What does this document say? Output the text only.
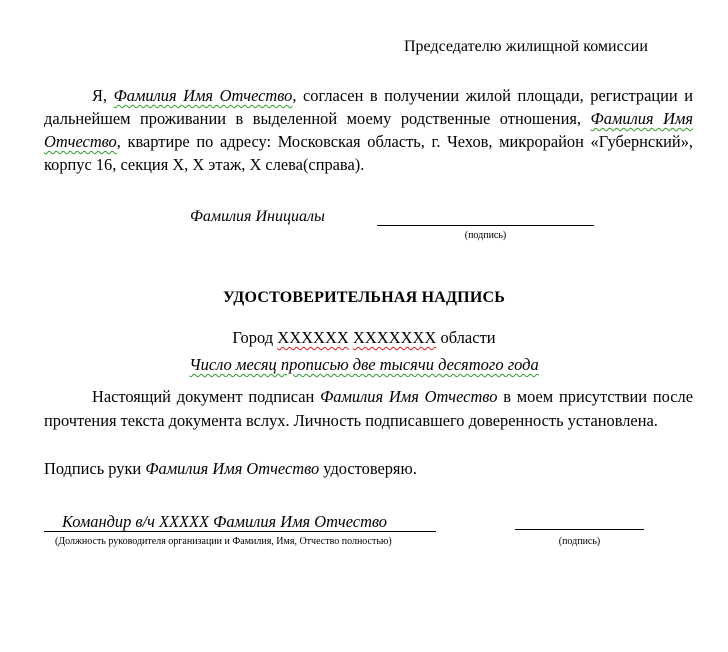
Председателю жилищной комиссии
Я, Фамилия Имя Отчество, согласен в получении жилой площади, регистрации и дальнейшем проживании в выделенной моему родственные отношения, Фамилия Имя Отчество, квартире по адресу: Московская область, г. Чехов, микрорайон «Губернский», корпус 16, секция Х, Х этаж, Х слева(справа).
Фамилия Инициалы
(подпись)
УДОСТОВЕРИТЕЛЬНАЯ НАДПИСЬ
Город XXXXXX XXXXXXX области
Число месяц прописью две тысячи десятого года
Настоящий документ подписан Фамилия Имя Отчество в моем присутствии после прочтения текста документа вслух. Личность подписавшего доверенность установлена.
Подпись руки Фамилия Имя Отчество удостоверяю.
Командир в/ч XXXXX Фамилия Имя Отчество
(Должность руководителя организации и Фамилия, Имя, Отчество полностью)	(подпись)
